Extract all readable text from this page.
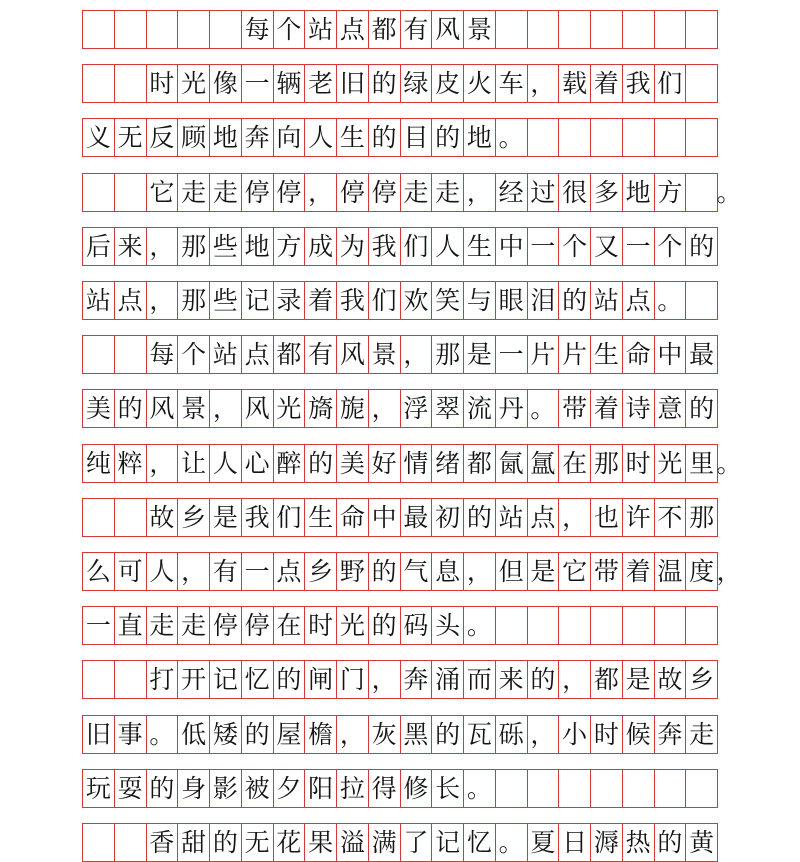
每 个 站 点 都 有 风 景
时 光 像 一 辆 老 旧 的 绿 皮 火 车 ， 载 着 我 们
义 无 反 顾 地 奔 向 人 生 的 目 的 地 。
它 走 走 停 停 ， 停 停 走 走 ， 经 过 很 多 地 方 。
后 来 ， 那 些 地 方 成 为 我 们 人 生 中 一 个 又 一 个 的
站 点 ， 那 些 记 录 着 我 们 欢 笑 与 眼 泪 的 站 点 。
每 个 站 点 都 有 风 景 ， 那 是 一 片 片 生 命 中 最
美 的 风 景 ， 风 光 旖 旎 ， 浮 翠 流 丹 。 带 着 诗 意 的
纯 粹 ， 让 人 心 醉 的 美 好 情 绪 都 氤 氲 在 那 时 光 里 。
故 乡 是 我 们 生 命 中 最 初 的 站 点 ， 也 许 不 那
么 可 人 ， 有 一 点 乡 野 的 气 息 ， 但 是 它 带 着 温 度 ，
一 直 走 走 停 停 在 时 光 的 码 头 。
打 开 记 忆 的 闸 门 ， 奔 涌 而 来 的 ， 都 是 故 乡
旧 事 。 低 矮 的 屋 檐 ， 灰 黑 的 瓦 砾 ， 小 时 候 奔 走
玩 耍 的 身 影 被 夕 阳 拉 得 修 长 。
香 甜 的 无 花 果 溢 满 了 记 忆 。 夏 日 溽 热 的 黄
